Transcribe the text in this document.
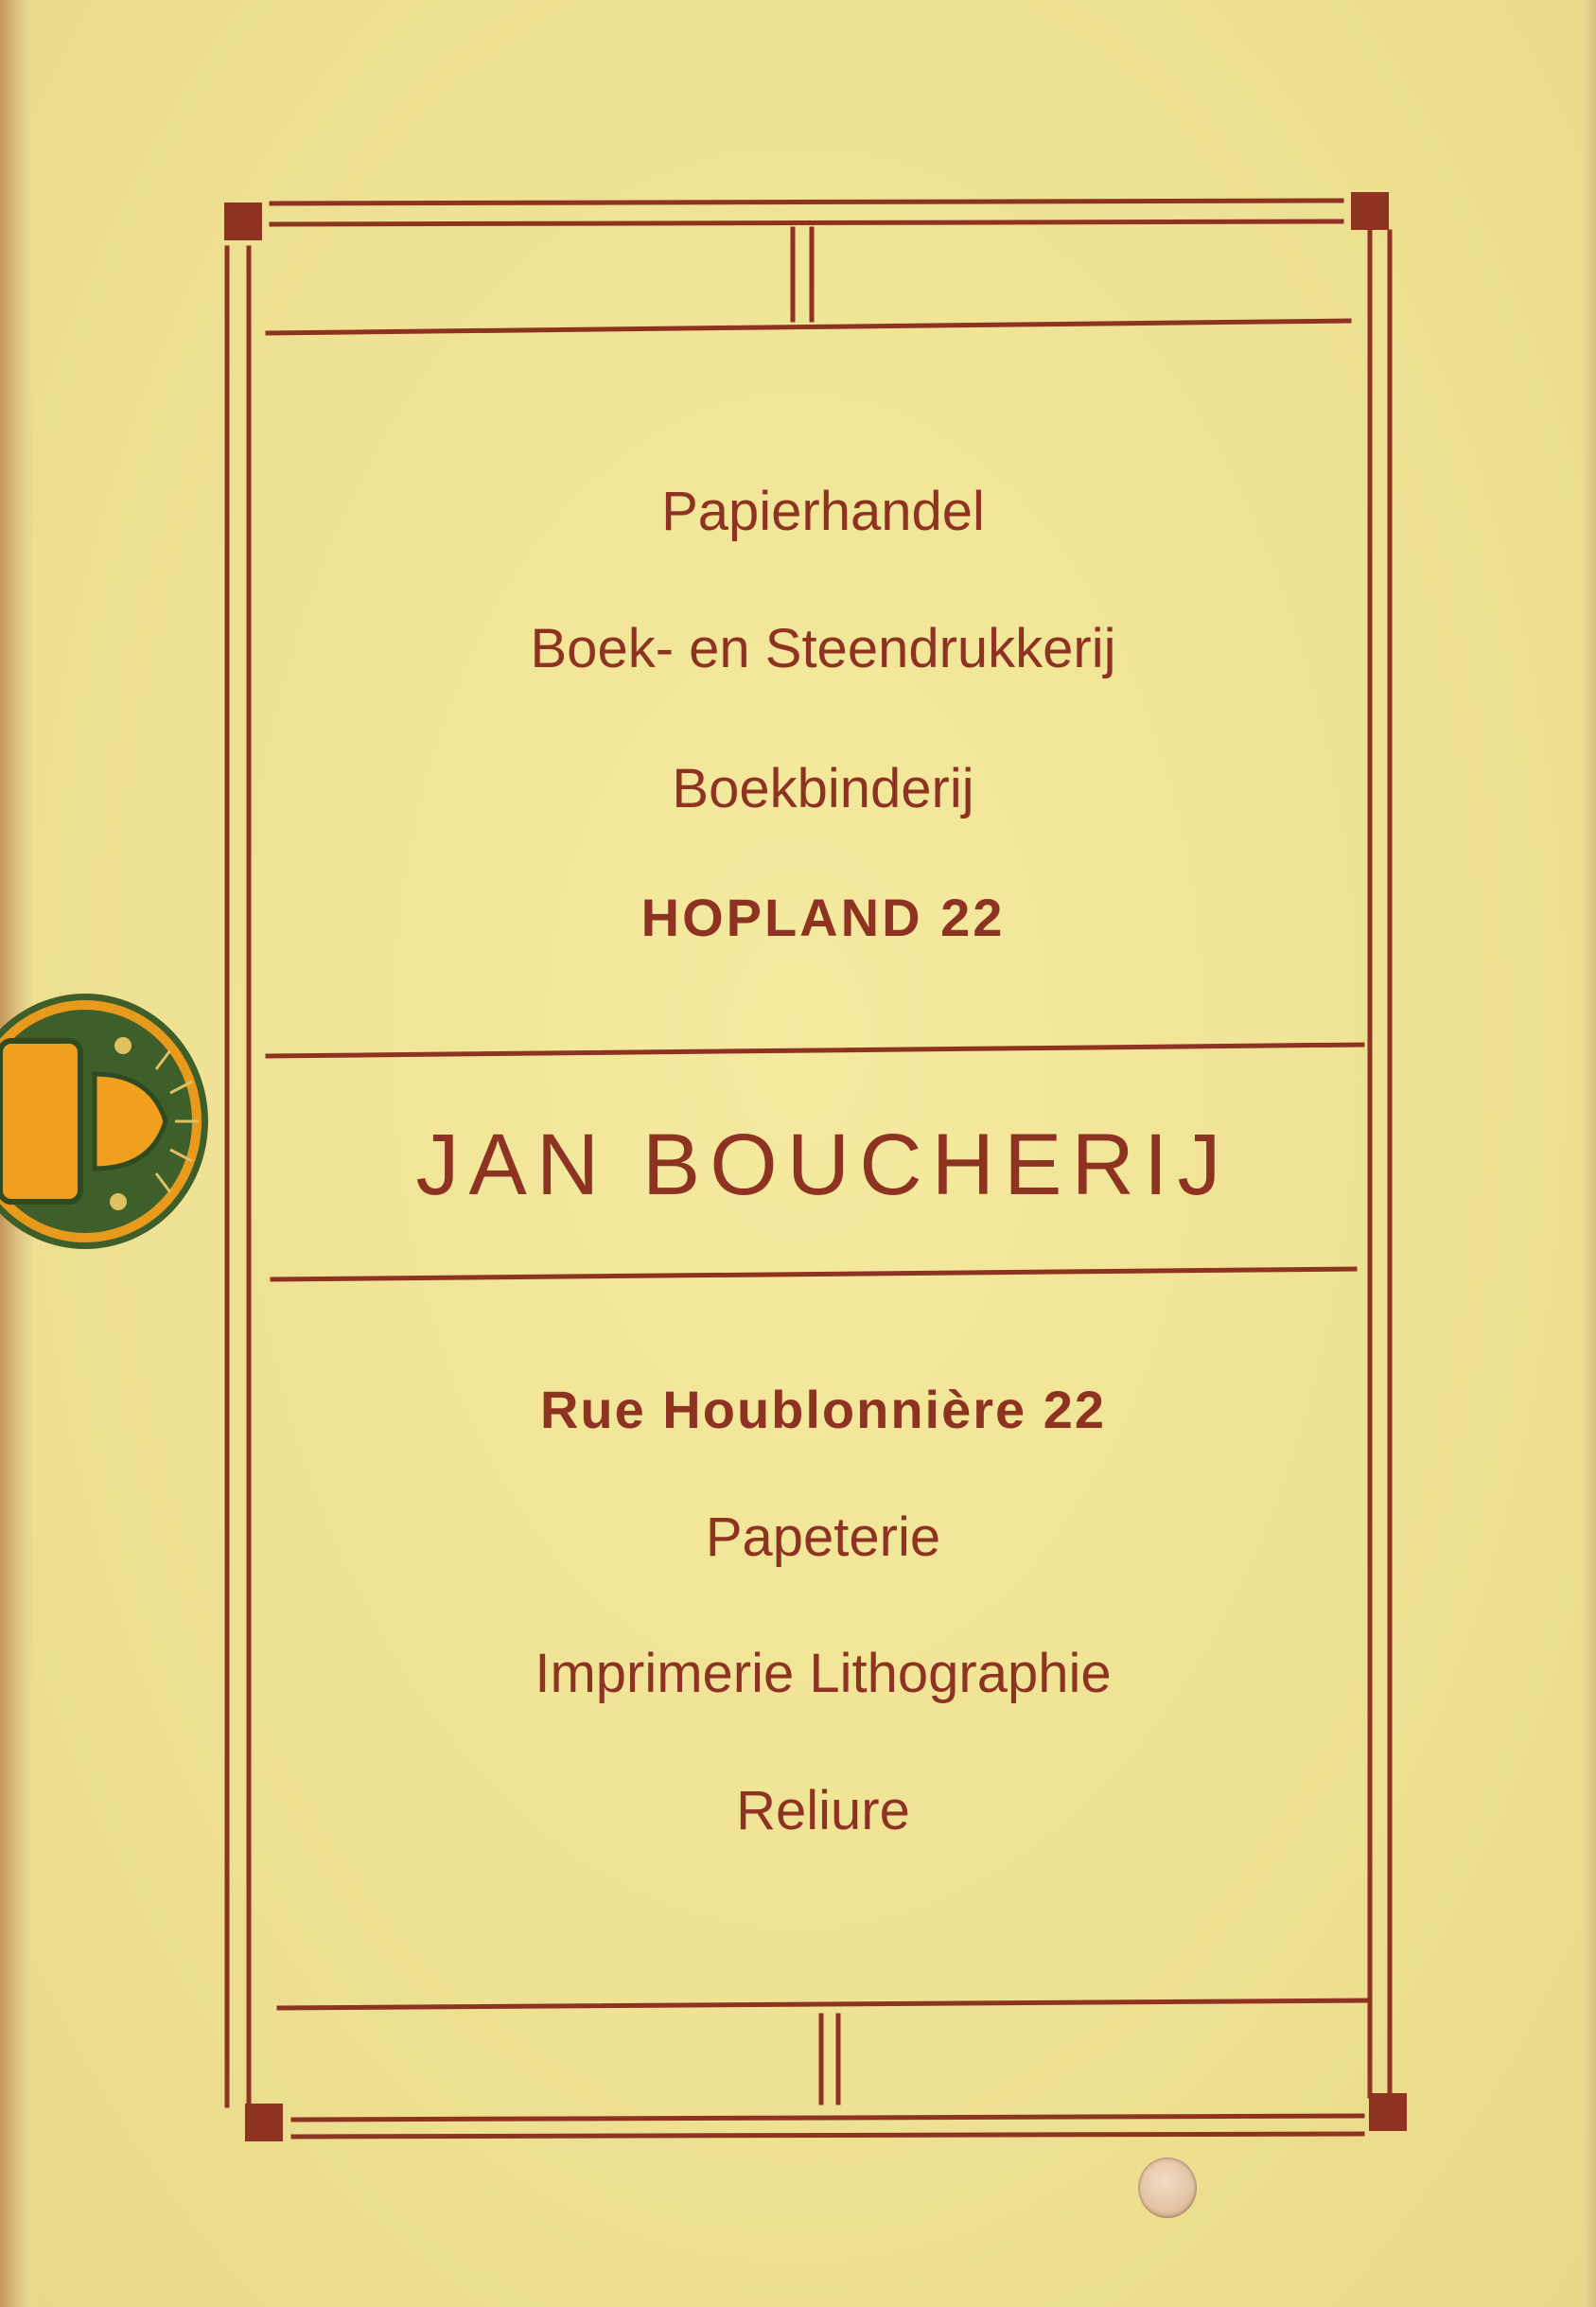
Papierhandel
Boek- en Steendrukkerij
Boekbinderij
HOPLAND 22
JAN BOUCHERIJ
Rue Houblonnière 22
Papeterie
Imprimerie Lithographie
Reliure
